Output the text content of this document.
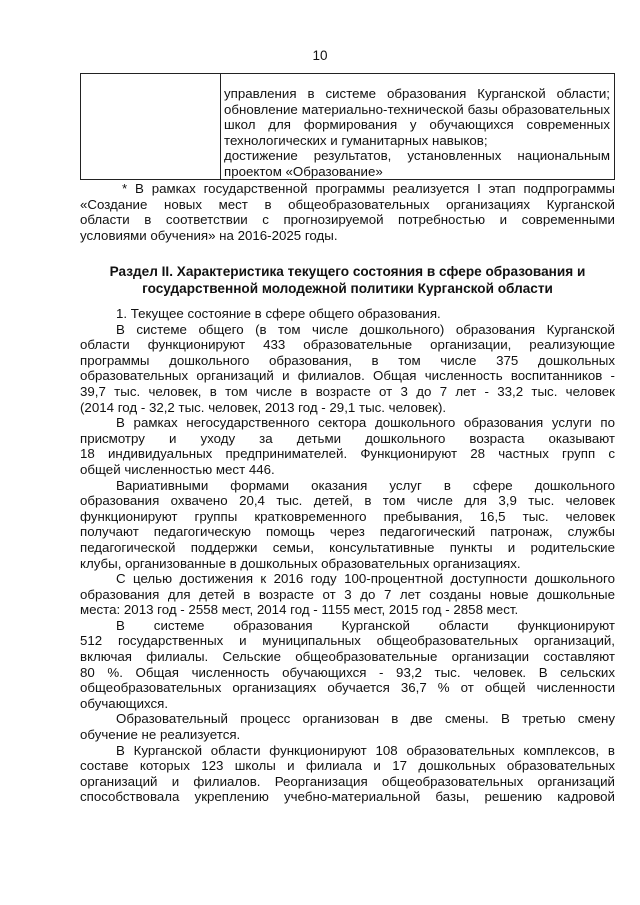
10
управления в системе образования Курганской области;
обновление материально-технической базы образовательных
школ для формирования у обучающихся современных
технологических и гуманитарных навыков;
достижение результатов, установленных национальным
проектом «Образование»
* В рамках государственной программы реализуется I этап подпрограммы
«Создание новых мест в общеобразовательных организациях Курганской
области в соответствии с прогнозируемой потребностью и современными
условиями обучения» на 2016-2025 годы.
Раздел II. Характеристика текущего состояния в сфере образования и
государственной молодежной политики Курганской области
1. Текущее состояние в сфере общего образования.
В системе общего (в том числе дошкольного) образования Курганской
области функционируют 433 образовательные организации, реализующие
программы дошкольного образования, в том числе 375 дошкольных
образовательных организаций и филиалов. Общая численность воспитанников -
39,7 тыс. человек, в том числе в возрасте от 3 до 7 лет - 33,2 тыс. человек
(2014 год - 32,2 тыс. человек, 2013 год - 29,1 тыс. человек).
В рамках негосударственного сектора дошкольного образования услуги по
присмотру и уходу за детьми дошкольного возраста оказывают
18 индивидуальных предпринимателей. Функционируют 28 частных групп с
общей численностью мест 446.
Вариативными формами оказания услуг в сфере дошкольного
образования охвачено 20,4 тыс. детей, в том числе для 3,9 тыс. человек
функционируют группы кратковременного пребывания, 16,5 тыс. человек
получают педагогическую помощь через педагогический патронаж, службы
педагогической поддержки семьи, консультативные пункты и родительские
клубы, организованные в дошкольных образовательных организациях.
С целью достижения к 2016 году 100-процентной доступности дошкольного
образования для детей в возрасте от 3 до 7 лет созданы новые дошкольные
места: 2013 год - 2558 мест, 2014 год - 1155 мест, 2015 год - 2858 мест.
В системе образования Курганской области функционируют
512 государственных и муниципальных общеобразовательных организаций,
включая филиалы. Сельские общеобразовательные организации составляют
80 %. Общая численность обучающихся - 93,2 тыс. человек. В сельских
общеобразовательных организациях обучается 36,7 % от общей численности
обучающихся.
Образовательный процесс организован в две смены. В третью смену
обучение не реализуется.
В Курганской области функционируют 108 образовательных комплексов, в
составе которых 123 школы и филиала и 17 дошкольных образовательных
организаций и филиалов. Реорганизация общеобразовательных организаций
способствовала укреплению учебно-материальной базы, решению кадровой
